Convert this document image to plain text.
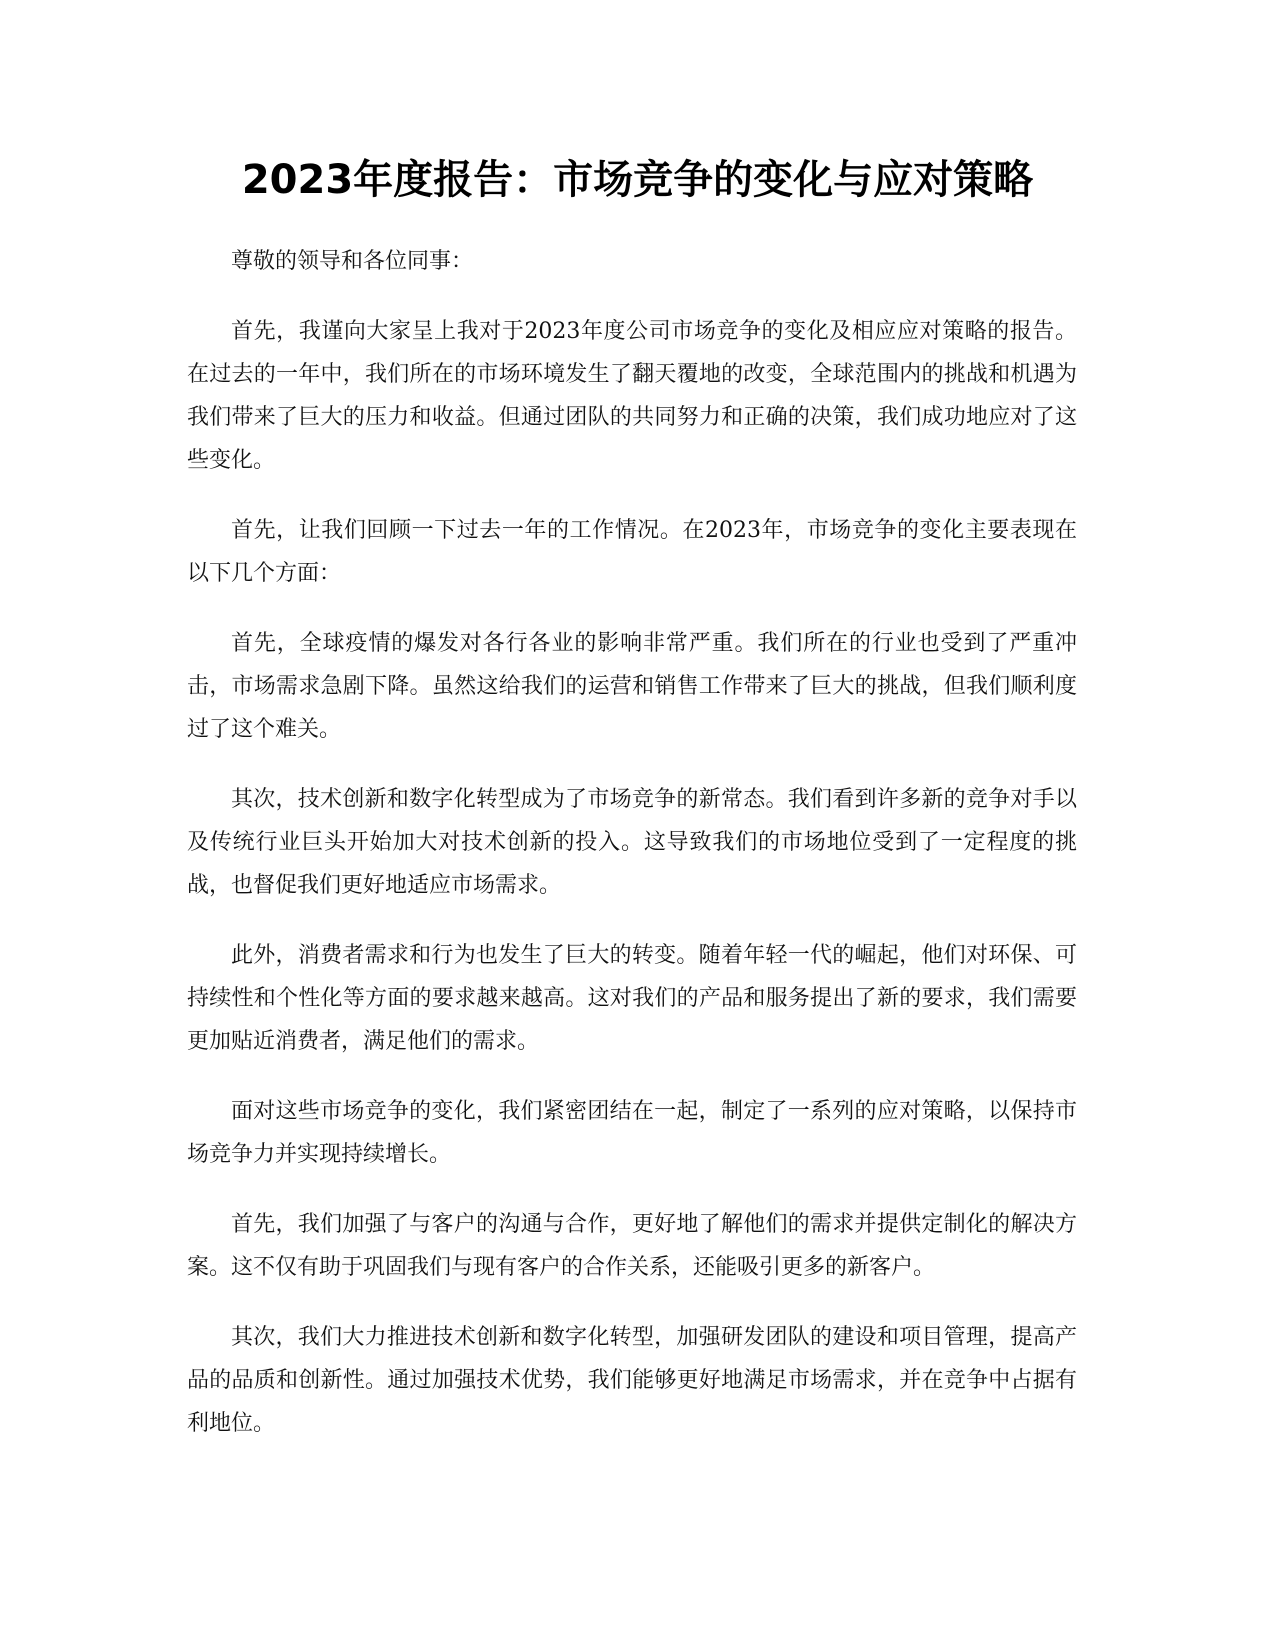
2023年度报告：市场竞争的变化与应对策略

尊敬的领导和各位同事：

首先，我谨向大家呈上我对于2023年度公司市场竞争的变化及相应应对策略的报告。在过去的一年中，我们所在的市场环境发生了翻天覆地的改变，全球范围内的挑战和机遇为我们带来了巨大的压力和收益。但通过团队的共同努力和正确的决策，我们成功地应对了这些变化。

首先，让我们回顾一下过去一年的工作情况。在2023年，市场竞争的变化主要表现在以下几个方面：

首先，全球疫情的爆发对各行各业的影响非常严重。我们所在的行业也受到了严重冲击，市场需求急剧下降。虽然这给我们的运营和销售工作带来了巨大的挑战，但我们顺利度过了这个难关。

其次，技术创新和数字化转型成为了市场竞争的新常态。我们看到许多新的竞争对手以及传统行业巨头开始加大对技术创新的投入。这导致我们的市场地位受到了一定程度的挑战，也督促我们更好地适应市场需求。

此外，消费者需求和行为也发生了巨大的转变。随着年轻一代的崛起，他们对环保、可持续性和个性化等方面的要求越来越高。这对我们的产品和服务提出了新的要求，我们需要更加贴近消费者，满足他们的需求。

面对这些市场竞争的变化，我们紧密团结在一起，制定了一系列的应对策略，以保持市场竞争力并实现持续增长。

首先，我们加强了与客户的沟通与合作，更好地了解他们的需求并提供定制化的解决方案。这不仅有助于巩固我们与现有客户的合作关系，还能吸引更多的新客户。

其次，我们大力推进技术创新和数字化转型，加强研发团队的建设和项目管理，提高产品的品质和创新性。通过加强技术优势，我们能够更好地满足市场需求，并在竞争中占据有利地位。
